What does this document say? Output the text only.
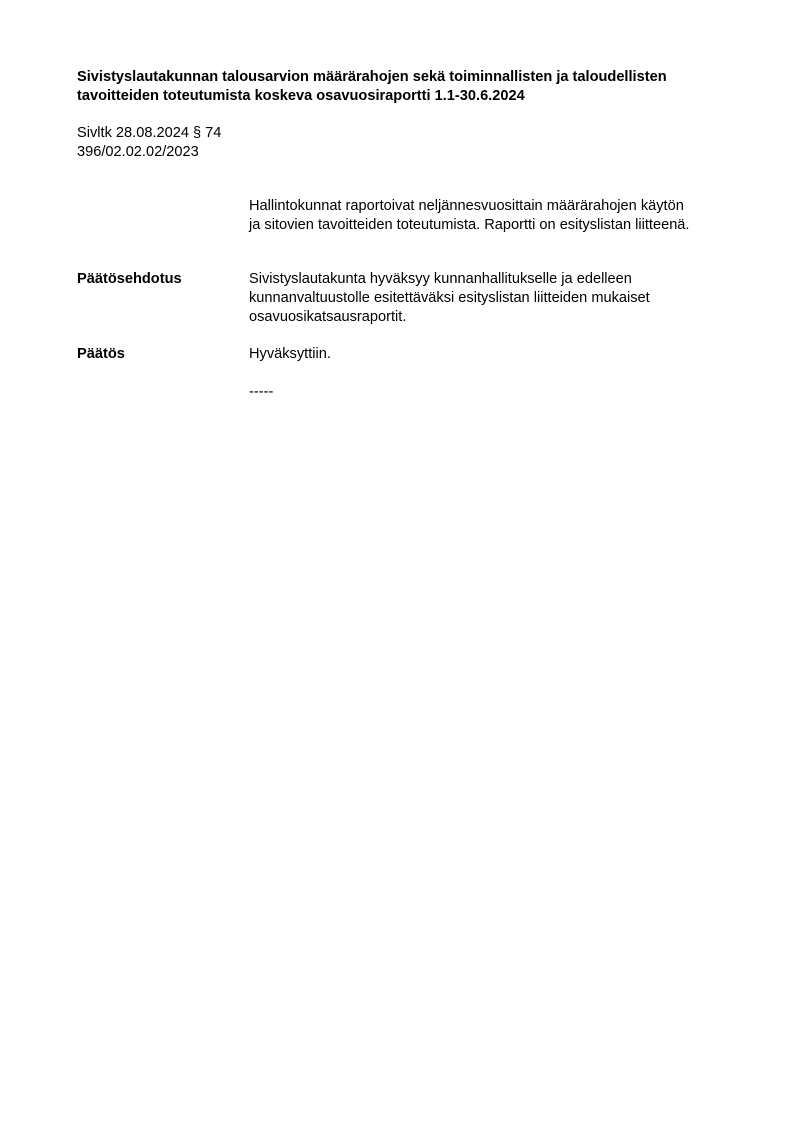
Sivistyslautakunnan talousarvion määrärahojen sekä toiminnallisten ja taloudellisten
tavoitteiden toteutumista koskeva osavuosiraportti 1.1-30.6.2024
Sivltk 28.08.2024 § 74
396/02.02.02/2023
Hallintokunnat raportoivat neljännesvuosittain määrärahojen käytön
ja sitovien tavoitteiden toteutumista. Raportti on esityslistan liitteenä.
Päätösehdotus	Sivistyslautakunta hyväksyy kunnanhallitukselle ja edelleen
kunnanvaltuustolle esitettäväksi esityslistan liitteiden mukaiset
osavuosikatsausraportit.
Päätös	Hyväksyttiin.
-----
